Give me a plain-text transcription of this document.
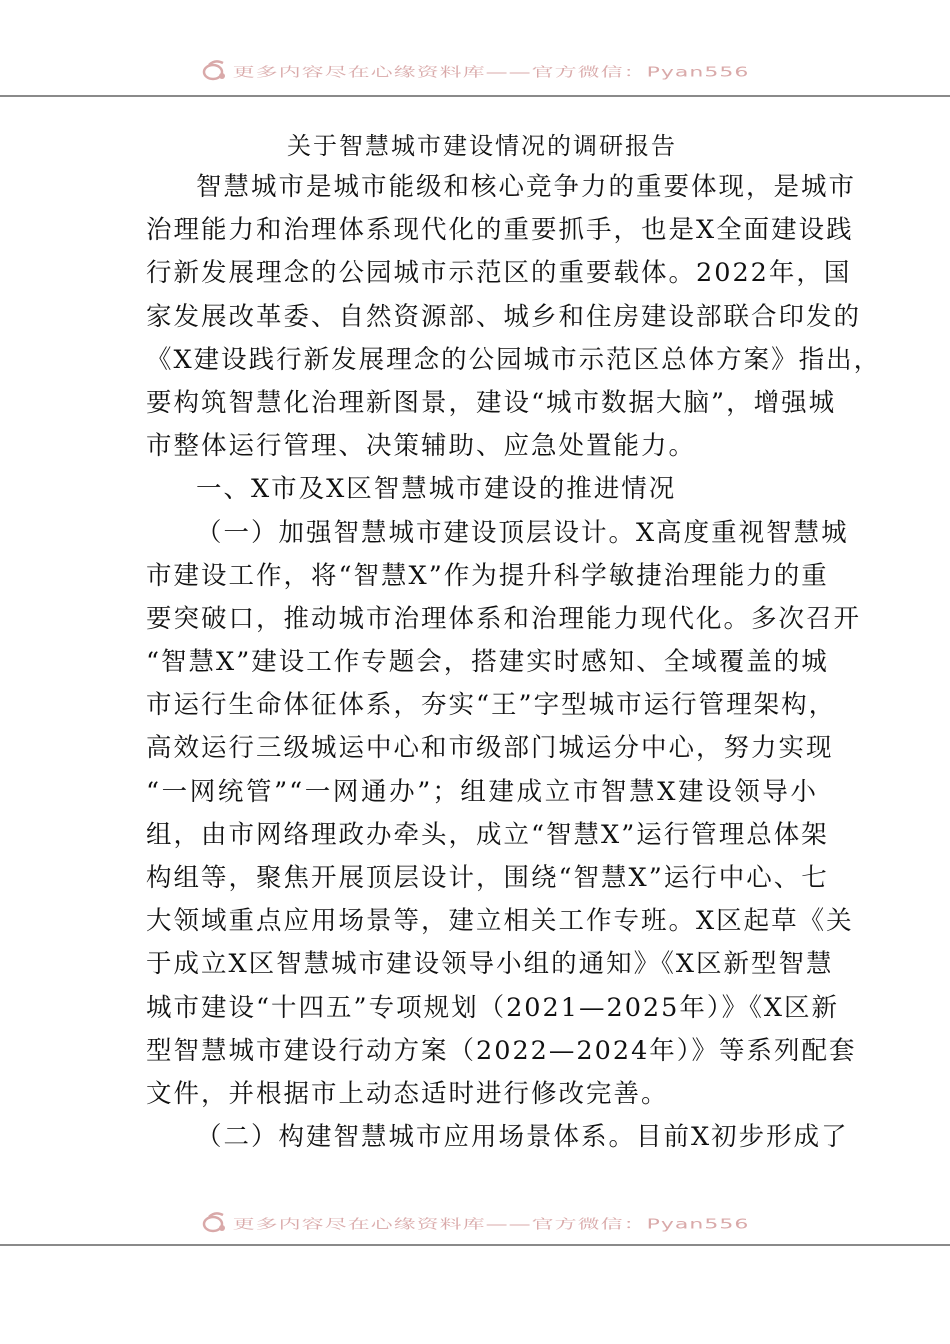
更多内容尽在心缘资料库——官方微信：Pyan556
关于智慧城市建设情况的调研报告
智慧城市是城市能级和核心竞争力的重要体现，是城市
治理能力和治理体系现代化的重要抓手，也是X全面建设践
行新发展理念的公园城市示范区的重要载体。2022年，国
家发展改革委、自然资源部、城乡和住房建设部联合印发的
《X建设践行新发展理念的公园城市示范区总体方案》指出，
要构筑智慧化治理新图景，建设“城市数据大脑”，增强城
市整体运行管理、决策辅助、应急处置能力。
一、X市及X区智慧城市建设的推进情况
（一）加强智慧城市建设顶层设计。X高度重视智慧城
市建设工作，将“智慧X”作为提升科学敏捷治理能力的重
要突破口，推动城市治理体系和治理能力现代化。多次召开
“智慧X”建设工作专题会，搭建实时感知、全域覆盖的城
市运行生命体征体系，夯实“王”字型城市运行管理架构，
高效运行三级城运中心和市级部门城运分中心，努力实现
“一网统管”“一网通办”；组建成立市智慧X建设领导小
组，由市网络理政办牵头，成立“智慧X”运行管理总体架
构组等，聚焦开展顶层设计，围绕“智慧X”运行中心、七
大领域重点应用场景等，建立相关工作专班。X区起草《关
于成立X区智慧城市建设领导小组的通知》《X区新型智慧
城市建设“十四五”专项规划（2021—2025年）》《X区新
型智慧城市建设行动方案（2022—2024年）》等系列配套
文件，并根据市上动态适时进行修改完善。
（二）构建智慧城市应用场景体系。目前X初步形成了
更多内容尽在心缘资料库——官方微信：Pyan556
